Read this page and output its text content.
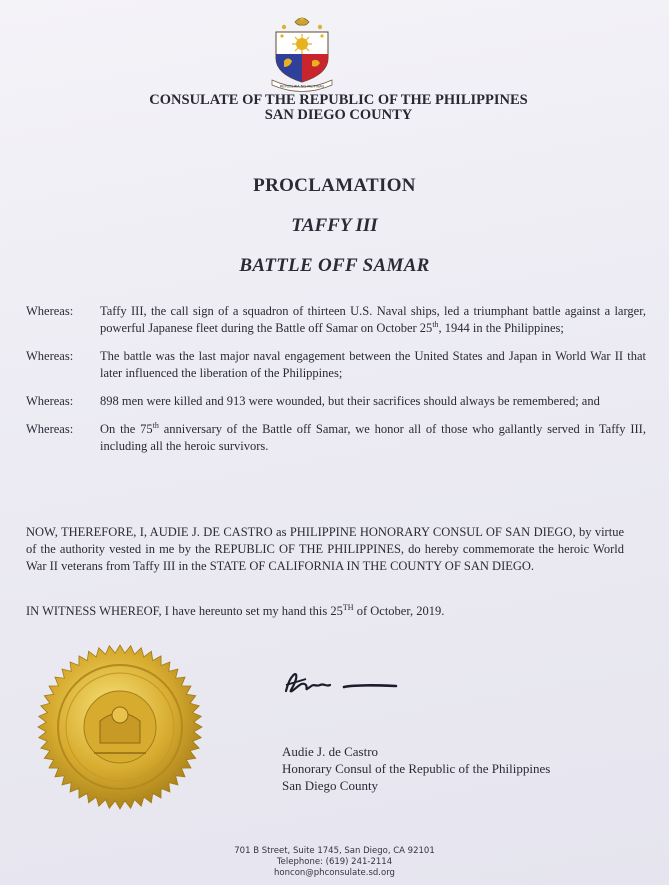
REPUBLIKA NG PILIPINAS
CONSULATE OF THE REPUBLIC OF THE PHILIPPINES
SAN DIEGO COUNTY
PROCLAMATION
TAFFY III
BATTLE OFF SAMAR
Whereas:	Taffy III, the call sign of a squadron of thirteen U.S. Naval ships, led a triumphant battle against a larger, powerful Japanese fleet during the Battle off Samar on October 25th, 1944 in the Philippines;
Whereas:	The battle was the last major naval engagement between the United States and Japan in World War II that later influenced the liberation of the Philippines;
Whereas:	898 men were killed and 913 were wounded, but their sacrifices should always be remembered; and
Whereas:	On the 75th anniversary of the Battle off Samar, we honor all of those who gallantly served in Taffy III, including all the heroic survivors.
NOW, THEREFORE, I, AUDIE J. DE CASTRO as PHILIPPINE HONORARY CONSUL OF SAN DIEGO, by virtue of the authority vested in me by the REPUBLIC OF THE PHILIPPINES, do hereby commemorate the heroic World War II veterans from Taffy III in the STATE OF CALIFORNIA IN THE COUNTY OF SAN DIEGO.
IN WITNESS WHEREOF, I have hereunto set my hand this 25TH of October, 2019.
Audie J. de Castro
Honorary Consul of the Republic of the Philippines
San Diego County
701 B Street, Suite 1745, San Diego, CA 92101
Telephone: (619) 241-2114
honcon@phconsulate.sd.org
